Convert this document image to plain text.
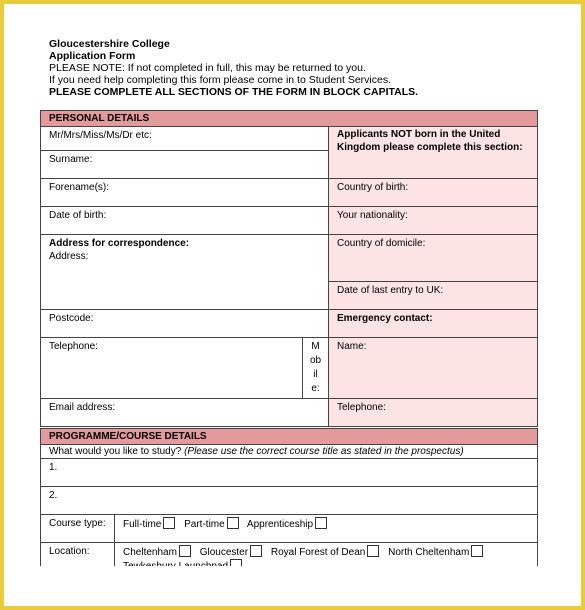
Gloucestershire College
Application Form
PLEASE NOTE: If not completed in full, this may be returned to you.
If you need help completing this form please come in to Student Services.
PLEASE COMPLETE ALL SECTIONS OF THE FORM IN BLOCK CAPITALS.
PERSONAL DETAILS		
Mr/Mrs/Miss/Ms/Dr etc:		Applicants NOT born in the United Kingdom please complete this section:
Surname:		
Forename(s):		Country of birth:
Date of birth:		Your nationality:

Address for correspondence:
Address:		Country of domicile:
		Date of last entry to UK:
Postcode:		Emergency contact:
Telephone:	Mobile:	Name:
Email address:		Telephone:
PROGRAMME/COURSE DETAILS	
What would you like to study? (Please use the correct course title as stated in the prospectus)	
1.	
2.	
Course type:	Full-time Part-time Apprenticeship
Location:	Cheltenham Gloucester Royal Forest of Dean North Cheltenham
